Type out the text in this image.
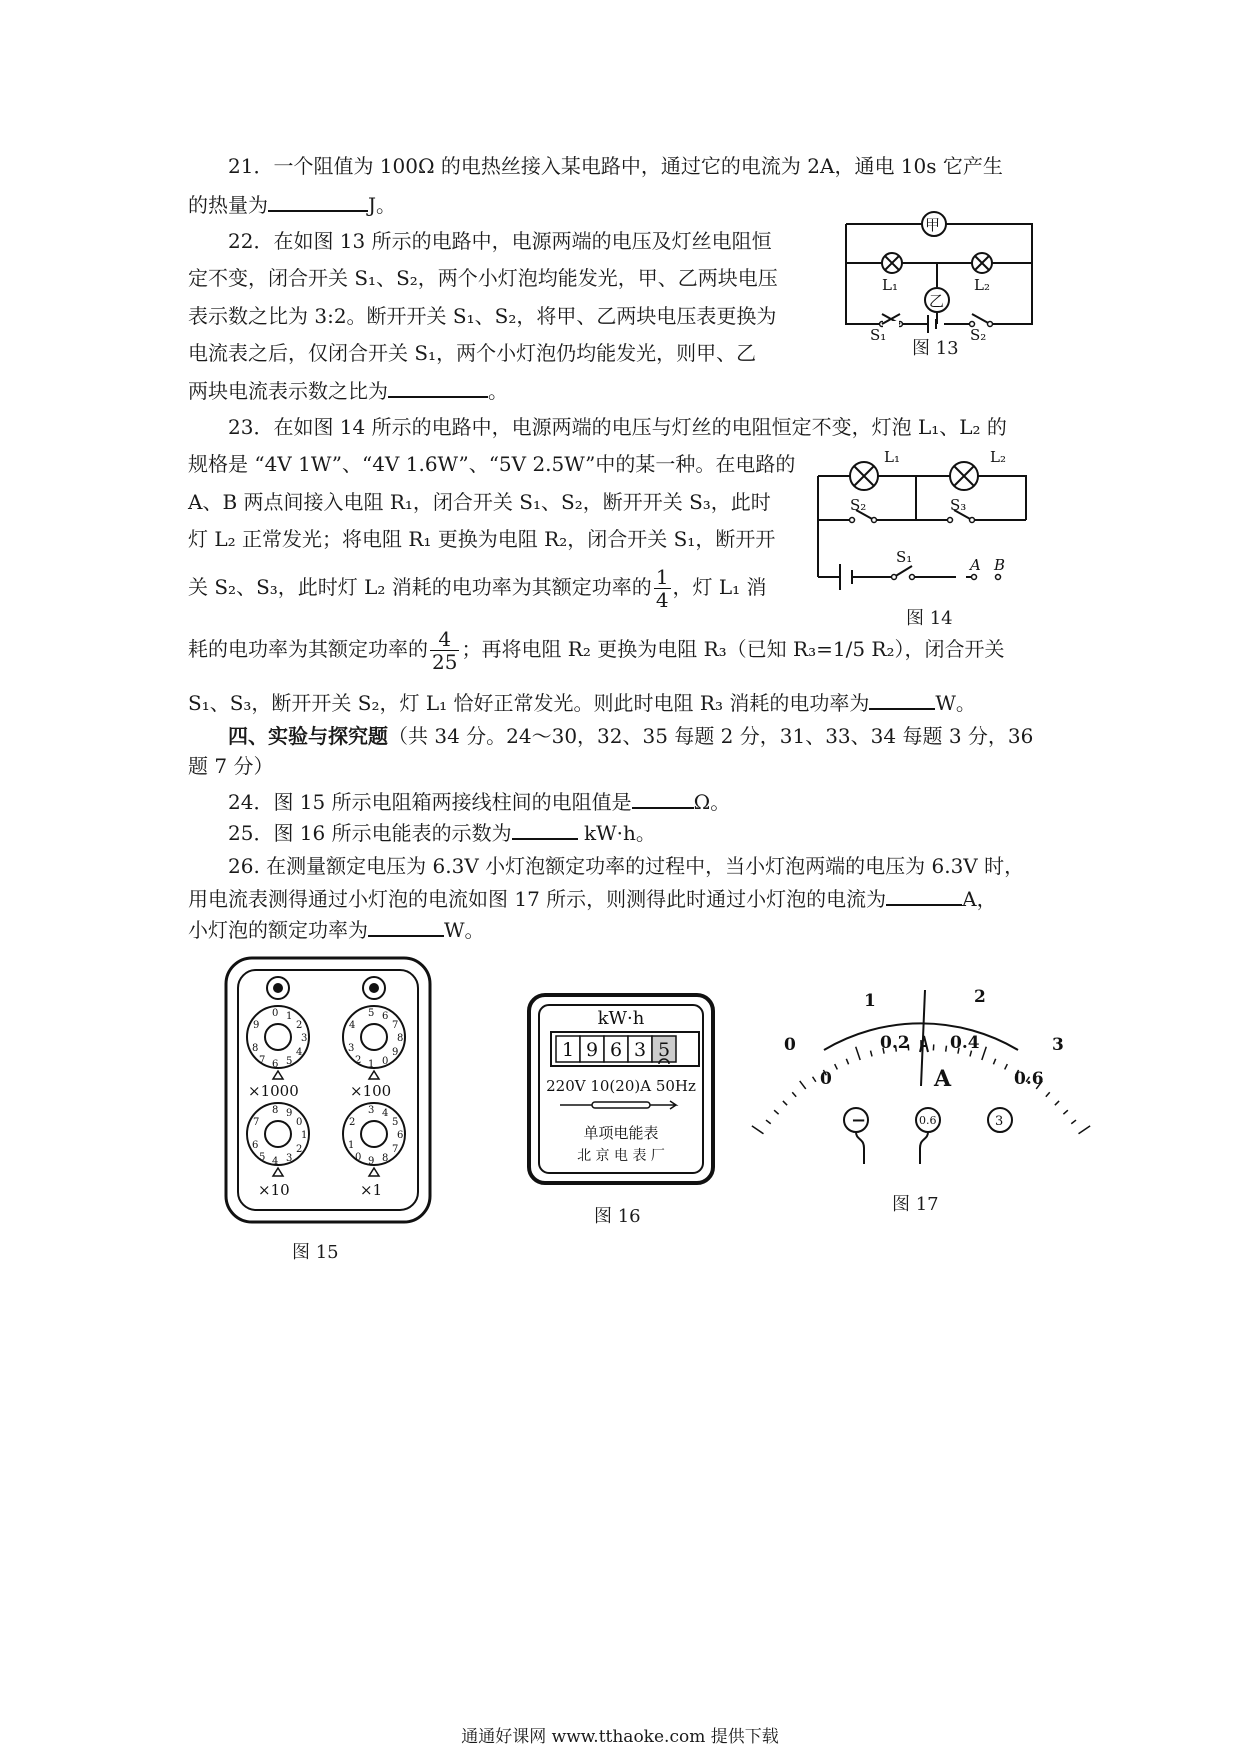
21．一个阻值为 100Ω 的电热丝接入某电路中，通过它的电流为 2A，通电 10s 它产生
的热量为	J。
22．在如图 13 所示的电路中，电源两端的电压及灯丝电阻恒
定不变，闭合开关 S₁、S₂，两个小灯泡均能发光，甲、乙两块电压
表示数之比为 3:2。断开开关 S₁、S₂，将甲、乙两块电压表更换为
电流表之后，仅闭合开关 S₁，两个小灯泡仍均能发光，则甲、乙
两块电流表示数之比为	。
甲
乙
L₁	L₂
S₁	S₂
图 13
23．在如图 14 所示的电路中，电源两端的电压与灯丝的电阻恒定不变，灯泡 L₁、L₂ 的
规格是 “4V 1W”、“4V 1.6W”、“5V 2.5W”中的某一种。在电路的
A、B 两点间接入电阻 R₁，闭合开关 S₁、S₂，断开开关 S₃，此时
灯 L₂ 正常发光；将电阻 R₁ 更换为电阻 R₂，闭合开关 S₁，断开开
关 S₂、S₃，此时灯 L₂ 消耗的电功率为其额定功率的 $\frac{1}{4}$ ，灯 L₁ 消
耗的电功率为其额定功率的 $\frac{4}{25}$ ；再将电阻 R₂ 更换为电阻 R₃（已知 R₃=1/5 R₂），闭合开关
S₁、S₃，断开开关 S₂，灯 L₁ 恰好正常发光。则此时电阻 R₃ 消耗的电功率为	W。
L₁	L₂
S₂	S₃
S₁	A B
图 14
四、实验与探究题（共 34 分。24～30，32、35 每题 2 分，31、33、34 每题 3 分，36
题 7 分）
24．图 15 所示电阻箱两接线柱间的电阻值是	Ω。
25．图 16 所示电能表的示数为	kW·h。
26. 在测量额定电压为 6.3V 小灯泡额定功率的过程中，当小灯泡两端的电压为 6.3V 时，
用电流表测得通过小灯泡的电流如图 17 所示，则测得此时通过小灯泡的电流为	A，
小灯泡的额定功率为	W。
0 1
2
3
4
5
6
7
8
9
5 6
7
8
9
0
1
2
3
4
8 9
0
1
2
3
4
5
6
7
3 4
5
6
7
8
9
0
1
2
×1000	×100
×10	×1
图 15
1 9 6 3 5
kW·h
220V 10(20)A 50Hz
单项电能表
北 京 电 表 厂
图 16
0
1	2
3
0
0.2 0.4
0.6
A
−	0.6	3
图 17
通通好课网 www.tthaoke.com 提供下载
